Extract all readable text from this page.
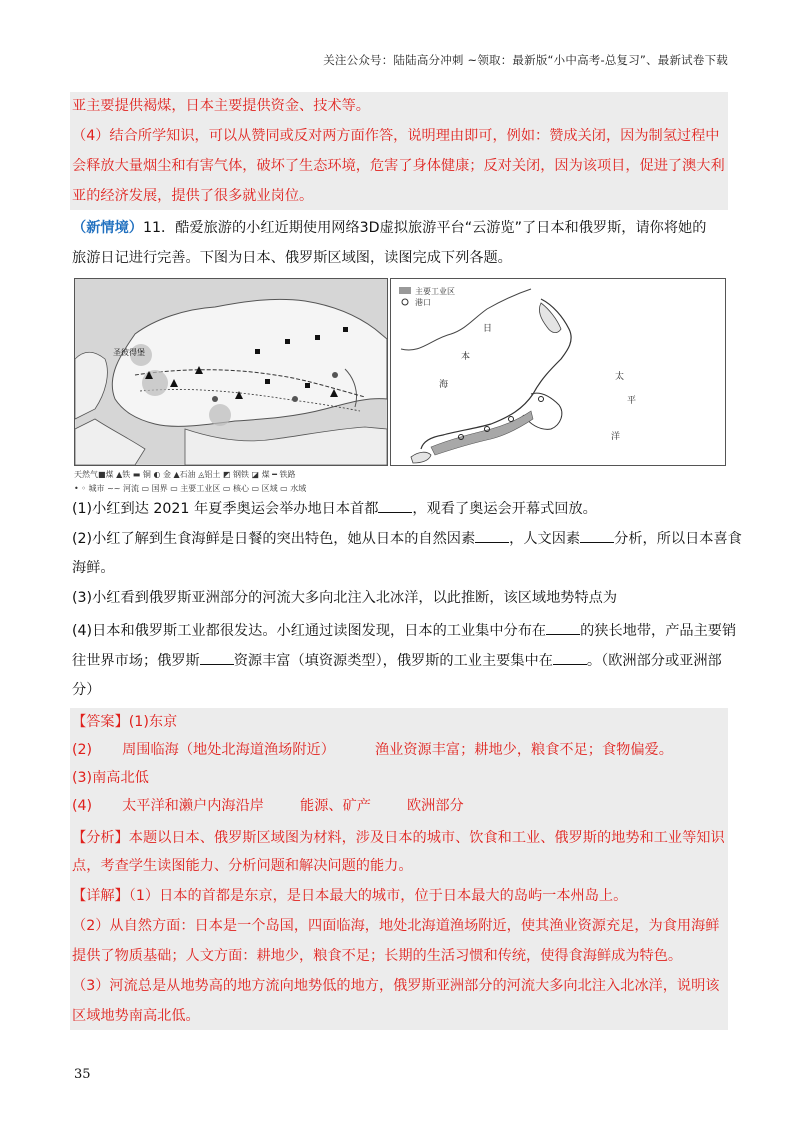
关注公众号：陆陆高分冲刺 ~领取：最新版“小中高考-总复习”、最新试卷下载
亚主要提供褐煤，日本主要提供资金、技术等。
（4）结合所学知识，可以从赞同或反对两方面作答，说明理由即可，例如：赞成关闭，因为制氢过程中
会释放大量烟尘和有害气体，破坏了生态环境，危害了身体健康；反对关闭，因为该项目，促进了澳大利
亚的经济发展，提供了很多就业岗位。
（新情境）11．酷爱旅游的小红近期使用网络3D虚拟旅游平台“云游览”了日本和俄罗斯，请你将她的
旅游日记进行完善。下图为日本、俄罗斯区域图，读图完成下列各题。
圣彼得堡
主要工业区
港口
日
本
海
太
平
洋
天然气■煤 ▲铁 ▬ 铜 ◐ 金 ▲石油 ◬铝土 ◩ 钢铁 ◪ 煤 ━ 铁路
• ◦ 城市 ~~ 河流 ▭ 国界 ▭ 主要工业区 ▭ 核心 ▭ 区域 ▭ 水域
(1)小红到达 2021 年夏季奥运会举办地日本首都 ，观看了奥运会开幕式回放。
(2)小红了解到生食海鲜是日餐的突出特色，她从日本的自然因素 ，人文因素 分析，所以日本喜食
海鲜。
(3)小红看到俄罗斯亚洲部分的河流大多向北注入北冰洋，以此推断，该区域地势特点为
(4)日本和俄罗斯工业都很发达。小红通过读图发现，日本的工业集中分布在 的狭长地带，产品主要销
往世界市场；俄罗斯 资源丰富（填资源类型），俄罗斯的工业主要集中在 。（欧洲部分或亚洲部
分）
【答案】(1)东京
(2) 周围临海（地处北海道渔场附近）	渔业资源丰富；耕地少，粮食不足；食物偏爱。
(3)南高北低
(4) 太平洋和濑户内海沿岸	能源、矿产	欧洲部分
【分析】本题以日本、俄罗斯区域图为材料，涉及日本的城市、饮食和工业、俄罗斯的地势和工业等知识
点，考查学生读图能力、分析问题和解决问题的能力。
【详解】（1）日本的首都是东京，是日本最大的城市，位于日本最大的岛屿一本州岛上。
（2）从自然方面：日本是一个岛国，四面临海，地处北海道渔场附近，使其渔业资源充足，为食用海鲜
提供了物质基础；人文方面：耕地少，粮食不足；长期的生活习惯和传统，使得食海鲜成为特色。
（3）河流总是从地势高的地方流向地势低的地方，俄罗斯亚洲部分的河流大多向北注入北冰洋，说明该
区域地势南高北低。
35
